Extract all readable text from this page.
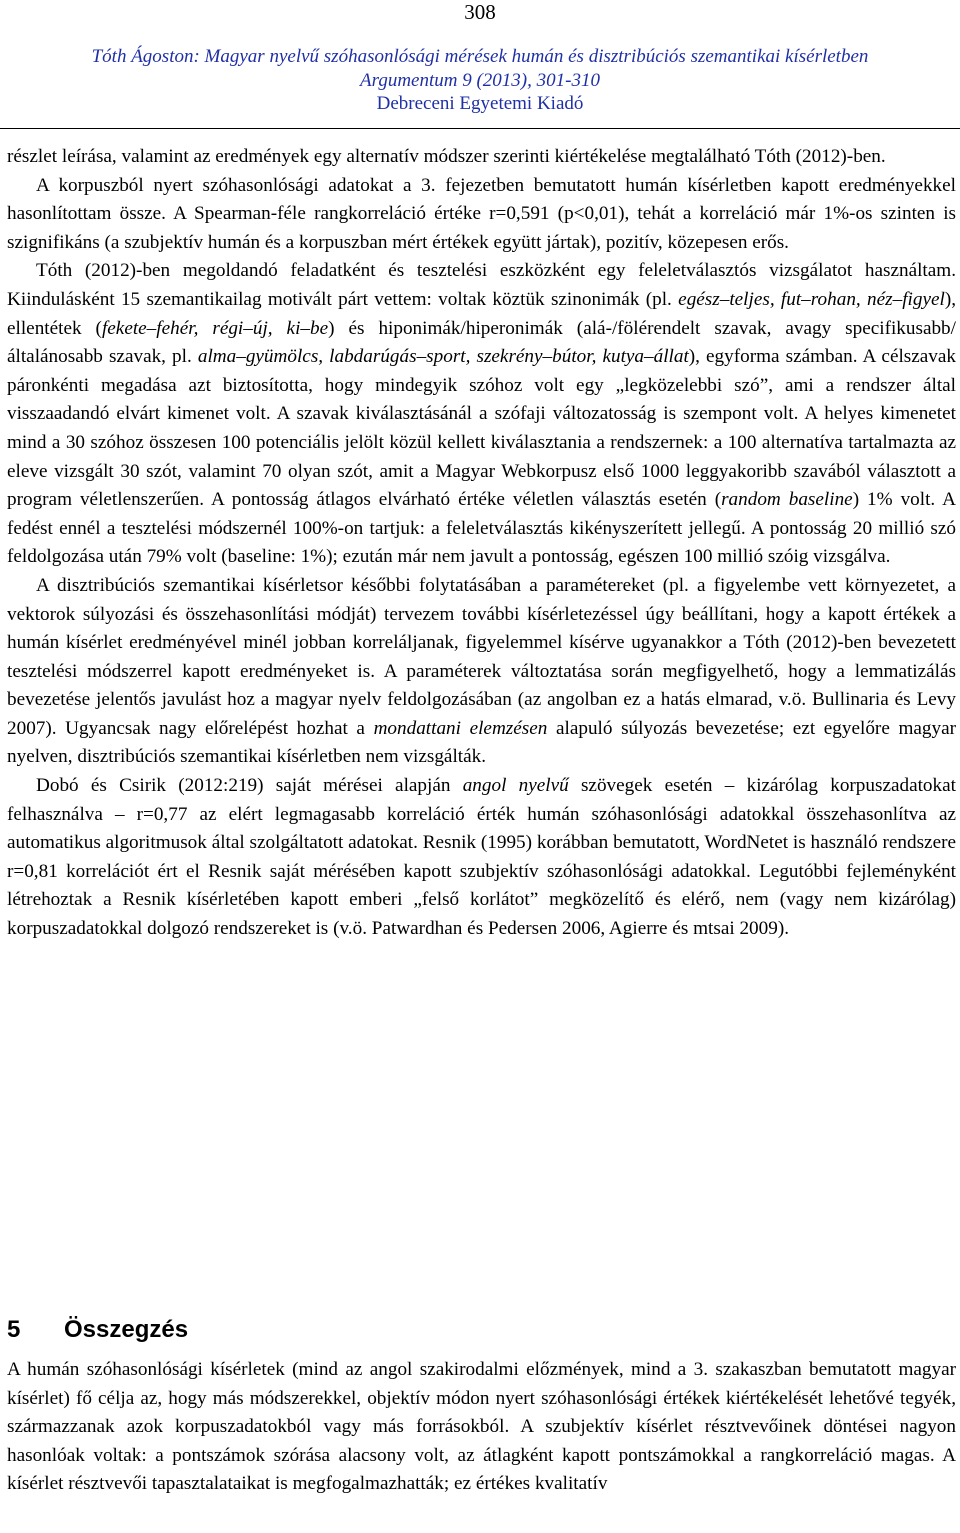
308
Tóth Ágoston: Magyar nyelvű szóhasonlósági mérések humán és disztribúciós szemantikai kísérletben
Argumentum 9 (2013), 301-310
Debreceni Egyetemi Kiadó

részlet leírása, valamint az eredmények egy alternatív módszer szerinti kiértékelése megtalálható Tóth (2012)-ben.

A korpuszból nyert szóhasonlósági adatokat a 3. fejezetben bemutatott humán kísérletben kapott eredményekkel hasonlítottam össze. A Spearman-féle rangkorreláció értéke r=0,591 (p<0,01), tehát a korreláció már 1%-os szinten is szignifikáns (a szubjektív humán és a korpuszban mért értékek együtt jártak), pozitív, közepesen erős.

Tóth (2012)-ben megoldandó feladatként és tesztelési eszközként egy feleletválasztós vizsgálatot használtam. Kiindulásként 15 szemantikailag motivált párt vettem: voltak köztük szinonimák (pl. egész–teljes, fut–rohan, néz–figyel), ellentétek (fekete–fehér, régi–új, ki–be) és hiponimák/hiperonimák (alá-/fölérendelt szavak, avagy specifikusabb/általánosabb szavak, pl. alma–gyümölcs, labdarúgás–sport, szekrény–bútor, kutya–állat), egyforma számban. A célszavak páronkénti megadása azt biztosította, hogy mindegyik szóhoz volt egy „legközelebbi szó”, ami a rendszer által visszaadandó elvárt kimenet volt. A szavak kiválasztásánál a szófaji változatosság is szempont volt. A helyes kimenetet mind a 30 szóhoz összesen 100 potenciális jelölt közül kellett kiválasztania a rendszernek: a 100 alternatíva tartalmazta az eleve vizsgált 30 szót, valamint 70 olyan szót, amit a Magyar Webkorpusz első 1000 leggyakoribb szavából választott a program véletlenszerűen. A pontosság átlagos elvárható értéke véletlen választás esetén (random baseline) 1% volt. A fedést ennél a tesztelési módszernél 100%-on tartjuk: a feleletválasztás kikényszerített jellegű. A pontosság 20 millió szó feldolgozása után 79% volt (baseline: 1%); ezután már nem javult a pontosság, egészen 100 millió szóig vizsgálva.

A disztribúciós szemantikai kísérletsor későbbi folytatásában a paramétereket (pl. a figyelembe vett környezetet, a vektorok súlyozási és összehasonlítási módját) tervezem további kísérletezéssel úgy beállítani, hogy a kapott értékek a humán kísérlet eredményével minél jobban korreláljanak, figyelemmel kísérve ugyanakkor a Tóth (2012)-ben bevezetett tesztelési módszerrel kapott eredményeket is. A paraméterek változtatása során megfigyelhető, hogy a lemmatizálás bevezetése jelentős javulást hoz a magyar nyelv feldolgozásában (az angolban ez a hatás elmarad, v.ö. Bullinaria és Levy 2007). Ugyancsak nagy előrelépést hozhat a mondattani elemzésen alapuló súlyozás bevezetése; ezt egyelőre magyar nyelven, disztribúciós szemantikai kísérletben nem vizsgálták.

Dobó és Csirik (2012:219) saját mérései alapján angol nyelvű szövegek esetén – kizárólag korpuszadatokat felhasználva – r=0,77 az elért legmagasabb korreláció érték humán szóhasonlósági adatokkal összehasonlítva az automatikus algoritmusok által szolgáltatott adatokat. Resnik (1995) korábban bemutatott, WordNetet is használó rendszere r=0,81 korrelációt ért el Resnik saját mérésében kapott szubjektív szóhasonlósági adatokkal. Legutóbbi fejleményként létrehoztak a Resnik kísérletében kapott emberi „felső korlátot” megközelítő és elérő, nem (vagy nem kizárólag) korpuszadatokkal dolgozó rendszereket is (v.ö. Patwardhan és Pedersen 2006, Agierre és mtsai 2009).

5 Összegzés

A humán szóhasonlósági kísérletek (mind az angol szakirodalmi előzmények, mind a 3. szakaszban bemutatott magyar kísérlet) fő célja az, hogy más módszerekkel, objektív módon nyert szóhasonlósági értékek kiértékelését lehetővé tegyék, származzanak azok korpuszadatokból vagy más forrásokból. A szubjektív kísérlet résztvevőinek döntései nagyon hasonlóak voltak: a pontszámok szórása alacsony volt, az átlagként kapott pontszámokkal a rangkorreláció magas. A kísérlet résztvevői tapasztalataikat is megfogalmazhatták; ez értékes kvalitatív
